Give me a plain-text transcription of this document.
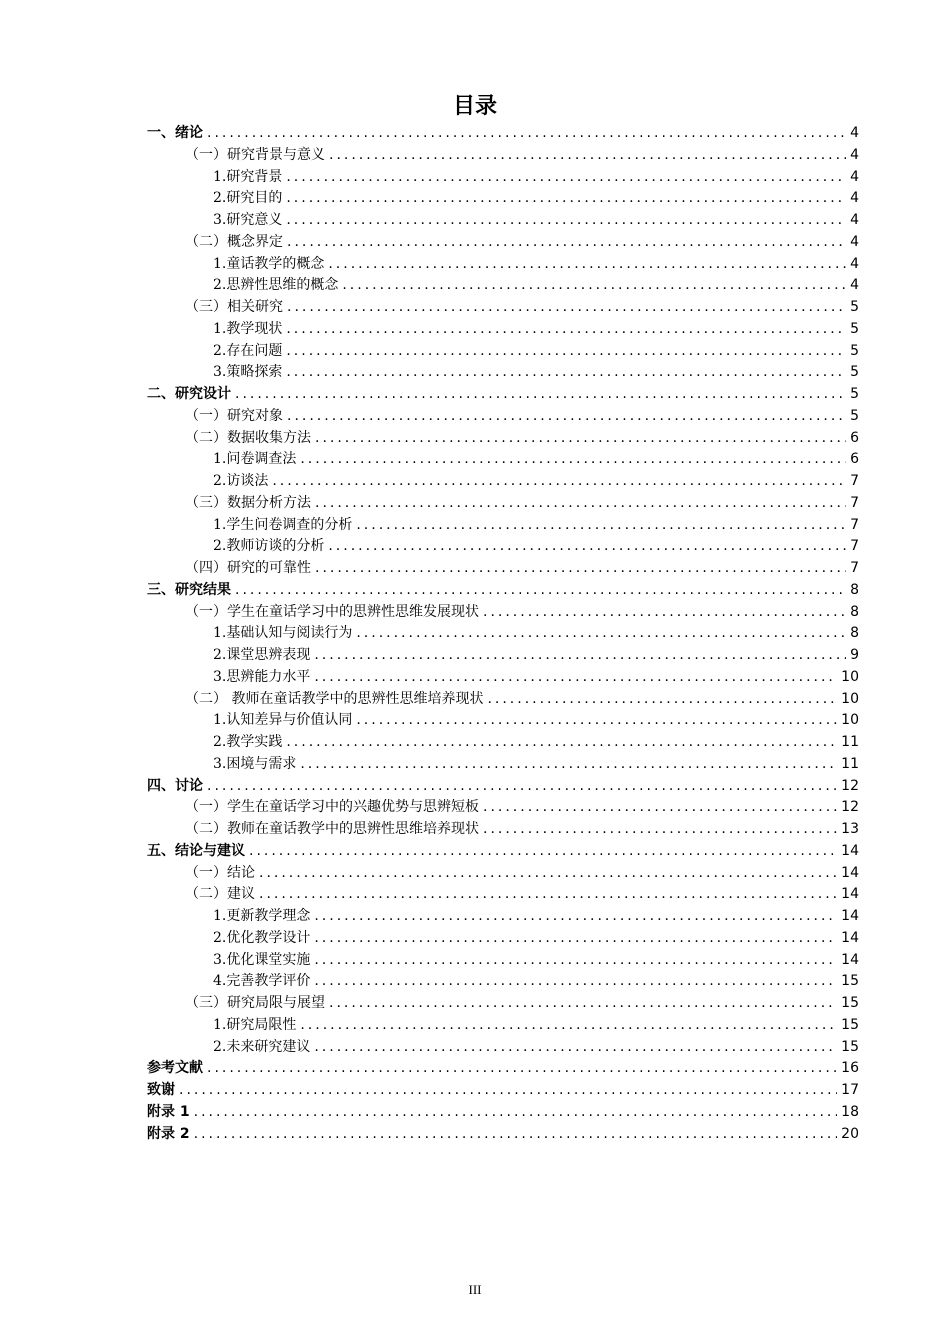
目录
一、绪论 .....	4
（一）研究背景与意义 .....	4
1.研究背景 .....	4
2.研究目的 .....	4
3.研究意义 .....	4
（二）概念界定 .....	4
1.童话教学的概念 .....	4
2.思辨性思维的概念 .....	4
（三）相关研究 .....	5
1.教学现状 .....	5
2.存在问题 .....	5
3.策略探索 .....	5
二、研究设计 .....	5
（一）研究对象 .....	5
（二）数据收集方法 .....	6
1.问卷调查法 .....	6
2.访谈法 .....	7
（三）数据分析方法 .....	7
1.学生问卷调查的分析 .....	7
2.教师访谈的分析 .....	7
（四）研究的可靠性 .....	7
三、研究结果 .....	8
（一）学生在童话学习中的思辨性思维发展现状 .....	8
1.基础认知与阅读行为 .....	8
2.课堂思辨表现 .....	9
3.思辨能力水平 .....	10
（二） 教师在童话教学中的思辨性思维培养现状 .....	10
1.认知差异与价值认同 .....	10
2.教学实践 .....	11
3.困境与需求 .....	11
四、讨论 .....	12
（一）学生在童话学习中的兴趣优势与思辨短板 .....	12
（二）教师在童话教学中的思辨性思维培养现状 .....	13
五、结论与建议 .....	14
（一）结论 .....	14
（二）建议 .....	14
1.更新教学理念 .....	14
2.优化教学设计 .....	14
3.优化课堂实施 .....	14
4.完善教学评价 .....	15
（三）研究局限与展望 .....	15
1.研究局限性 .....	15
2.未来研究建议 .....	15
参考文献 .....	16
致谢 .....	17
附录 1 .....	18
附录 2 .....	20
III
